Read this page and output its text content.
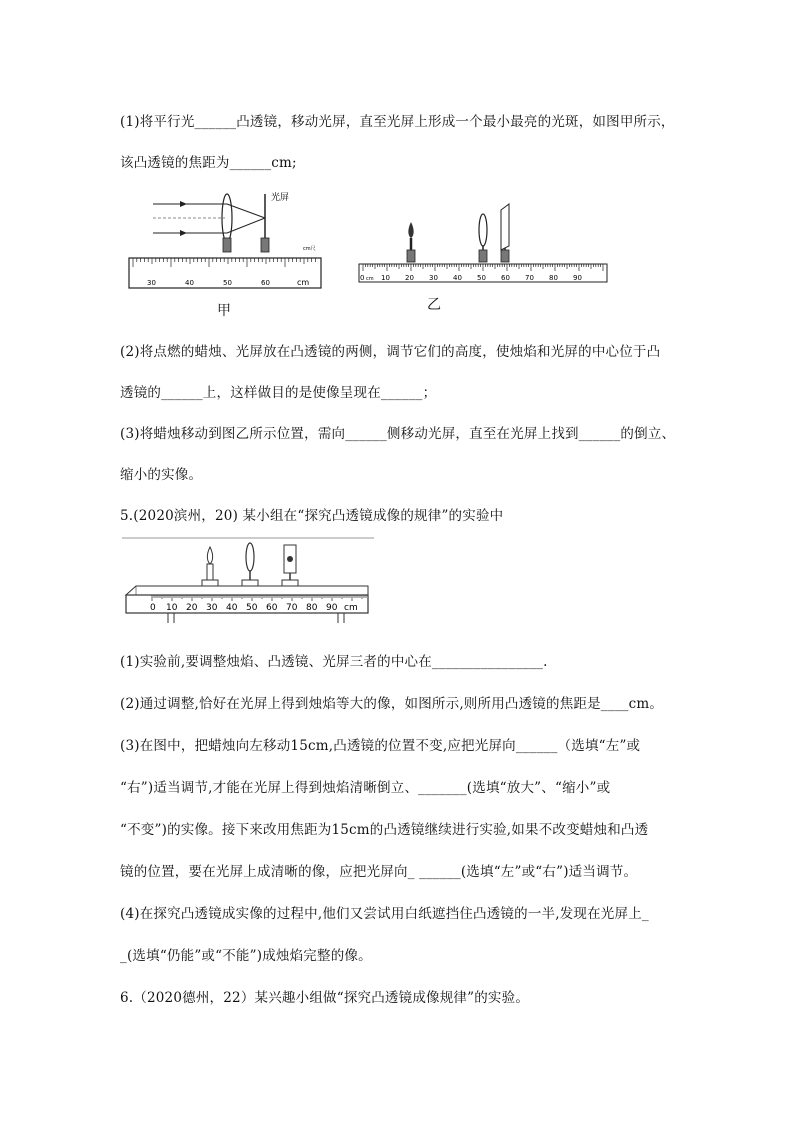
(1)将平行光______凸透镜，移动光屏，直至光屏上形成一个最小最亮的光斑，如图甲所示，
该凸透镜的焦距为______cm;
光屏
cm尺
30	40	50	60	cm
甲
0 cm 10 20 30 40 50 60 70 80 90
乙
(2)将点燃的蜡烛、光屏放在凸透镜的两侧，调节它们的高度，使烛焰和光屏的中心位于凸
透镜的______上，这样做目的是使像呈现在______；
(3)将蜡烛移动到图乙所示位置，需向______侧移动光屏，直至在光屏上找到______的倒立、
缩小的实像。
5.(2020滨州，20) 某小组在“探究凸透镜成像的规律”的实验中
0 10 20 30 40 50 60 70 80 90 cm
(1)实验前,要调整烛焰、凸透镜、光屏三者的中心在________________.
(2)通过调整,恰好在光屏上得到烛焰等大的像，如图所示,则所用凸透镜的焦距是____cm。
(3)在图中，把蜡烛向左移动15cm,凸透镜的位置不变,应把光屏向______（选填“左”或
“右”)适当调节,才能在光屏上得到烛焰清晰倒立、_______(选填“放大”、“缩小”或
“不变”)的实像。接下来改用焦距为15cm的凸透镜继续进行实验,如果不改变蜡烛和凸透
镜的位置，要在光屏上成清晰的像，应把光屏向_ ______(选填“左”或“右”)适当调节。
(4)在探究凸透镜成实像的过程中,他们又尝试用白纸遮挡住凸透镜的一半,发现在光屏上_
_(选填“仍能”或“不能”)成烛焰完整的像。
6.（2020德州，22）某兴趣小组做“探究凸透镜成像规律”的实验。
